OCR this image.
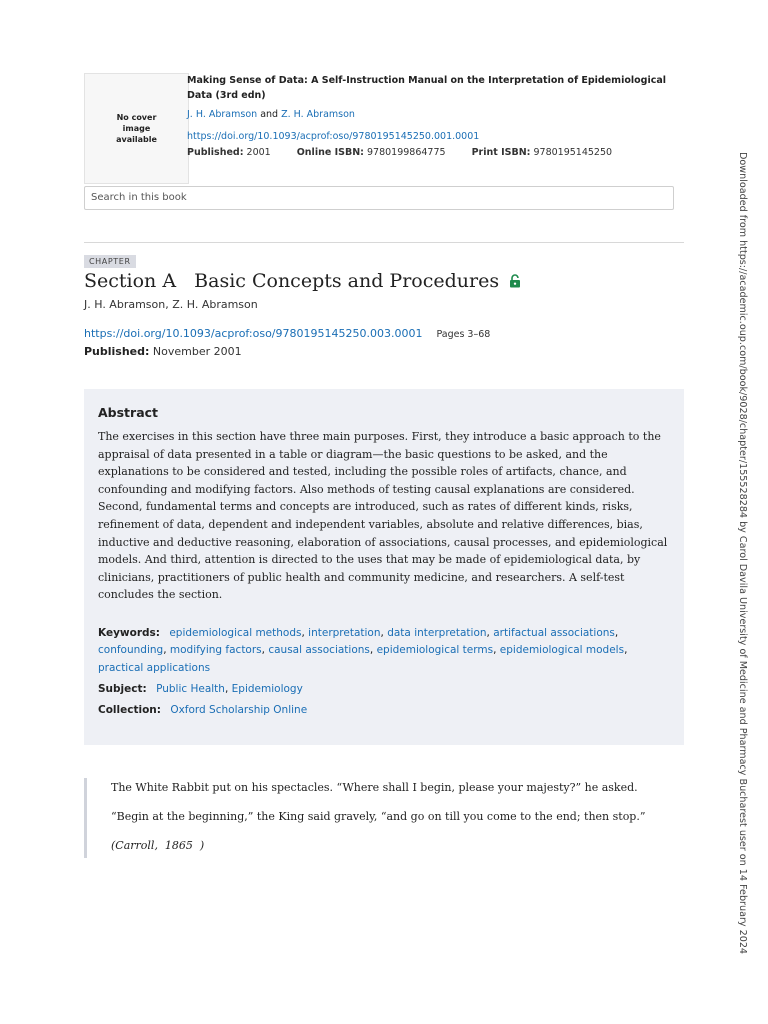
No cover image available
Making Sense of Data: A Self-Instruction Manual on the Interpretation of Epidemiological Data (3rd edn)
J. H. Abramson and Z. H. Abramson
https://doi.org/10.1093/acprof:oso/9780195145250.001.0001
Published: 2001	Online ISBN: 9780199864775	Print ISBN: 9780195145250
Search in this book
CHAPTER
Section A   Basic Concepts and Procedures
J. H. Abramson, Z. H. Abramson
https://doi.org/10.1093/acprof:oso/9780195145250.003.0001 Pages 3–68
Published: November 2001
Abstract
The exercises in this section have three main purposes. First, they introduce a basic approach to the appraisal of data presented in a table or diagram—the basic questions to be asked, and the explanations to be considered and tested, including the possible roles of artifacts, chance, and confounding and modifying factors. Also methods of testing causal explanations are considered. Second, fundamental terms and concepts are introduced, such as rates of different kinds, risks, refinement of data, dependent and independent variables, absolute and relative differences, bias, inductive and deductive reasoning, elaboration of associations, causal processes, and epidemiological models. And third, attention is directed to the uses that may be made of epidemiological data, by clinicians, practitioners of public health and community medicine, and researchers. A self-test concludes the section.
Keywords: epidemiological methods, interpretation, data interpretation, artifactual associations, confounding, modifying factors, causal associations, epidemiological terms, epidemiological models, practical applications
Subject: Public Health, Epidemiology
Collection: Oxford Scholarship Online
The White Rabbit put on his spectacles. “Where shall I begin, please your majesty?” he asked.
“Begin at the beginning,” the King said gravely, “and go on till you come to the end; then stop.”
(Carroll,  1865  )	Downloaded from https://academic.oup.com/book/9028/chapter/155528284 by Carol Davila University of Medicine and Pharmacy Bucharest user on 14 February 2024
